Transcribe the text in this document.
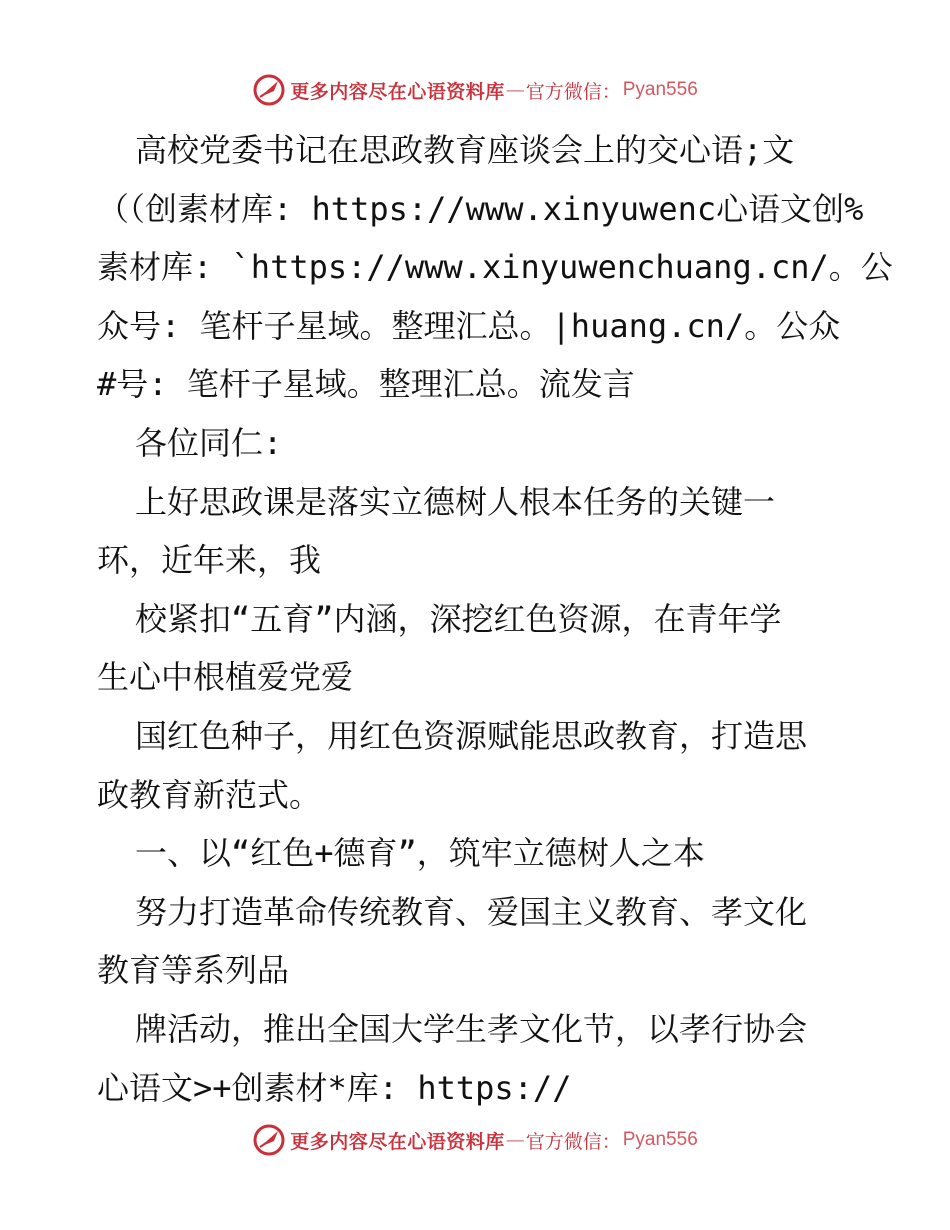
更多内容尽在心语资料库 — 官方微信： Pyan556
高校党委书记在思政教育座谈会上的交心语;文
（（创素材库: https://www.xinyuwenc心语文创%
素材库: `https://www.xinyuwenchuang.cn/。公
众号: 笔杆子星域。整理汇总。|huang.cn/。公众
#号: 笔杆子星域。整理汇总。流发言
各位同仁:
上好思政课是落实立德树人根本任务的关键一
环，近年来，我
校紧扣“五育”内涵，深挖红色资源，在青年学
生心中根植爱党爱
国红色种子，用红色资源赋能思政教育，打造思
政教育新范式。
一、以“红色+德育”，筑牢立德树人之本
努力打造革命传统教育、爱国主义教育、孝文化
教育等系列品
牌活动，推出全国大学生孝文化节，以孝行协会
心语文>+创素材*库: https://
更多内容尽在心语资料库 — 官方微信： Pyan556
